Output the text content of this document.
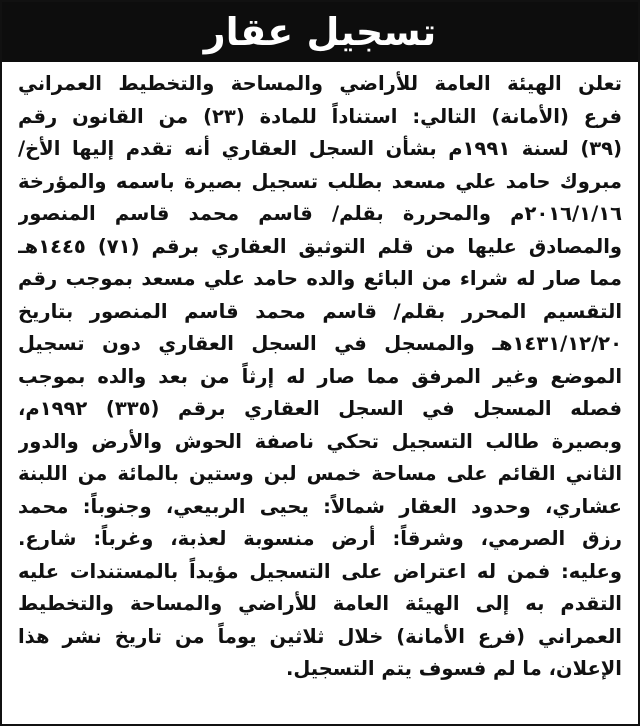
تسجيل عقار
تعلن الهيئة العامة للأراضي والمساحة والتخطيط العمراني
فرع (الأمانة) التالي: استناداً للمادة (٢٣) من القانون رقم
(٣٩) لسنة ١٩٩١م بشأن السجل العقاري أنه تقدم إليها الأخ/
مبروك حامد علي مسعد بطلب تسجيل بصيرة باسمه والمؤرخة
٢٠١٦/١/١٦م والمحررة بقلم/ قاسم محمد قاسم المنصور
والمصادق عليها من قلم التوثيق العقاري برقم (٧١) ١٤٤٥هـ
مما صار له شراء من البائع والده حامد علي مسعد بموجب رقم
التقسيم المحرر بقلم/ قاسم محمد قاسم المنصور بتاريخ
١٤٣١/١٢/٢٠هـ والمسجل في السجل العقاري دون تسجيل
الموضع وغير المرفق مما صار له إرثاً من بعد والده بموجب
فصله المسجل في السجل العقاري برقم (٣٣٥) ١٩٩٢م،
وبصيرة طالب التسجيل تحكي ناصفة الحوش والأرض والدور
الثاني القائم على مساحة خمس لبن وستين بالمائة من اللبنة
عشاري، وحدود العقار شمالاً: يحيى الربيعي، وجنوباً: محمد
رزق الصرمي، وشرقاً: أرض منسوبة لعذبة، وغرباً: شارع.
وعليه: فمن له اعتراض على التسجيل مؤيداً بالمستندات عليه
التقدم به إلى الهيئة العامة للأراضي والمساحة والتخطيط
العمراني (فرع الأمانة) خلال ثلاثين يوماً من تاريخ نشر هذا
الإعلان، ما لم فسوف يتم التسجيل.
